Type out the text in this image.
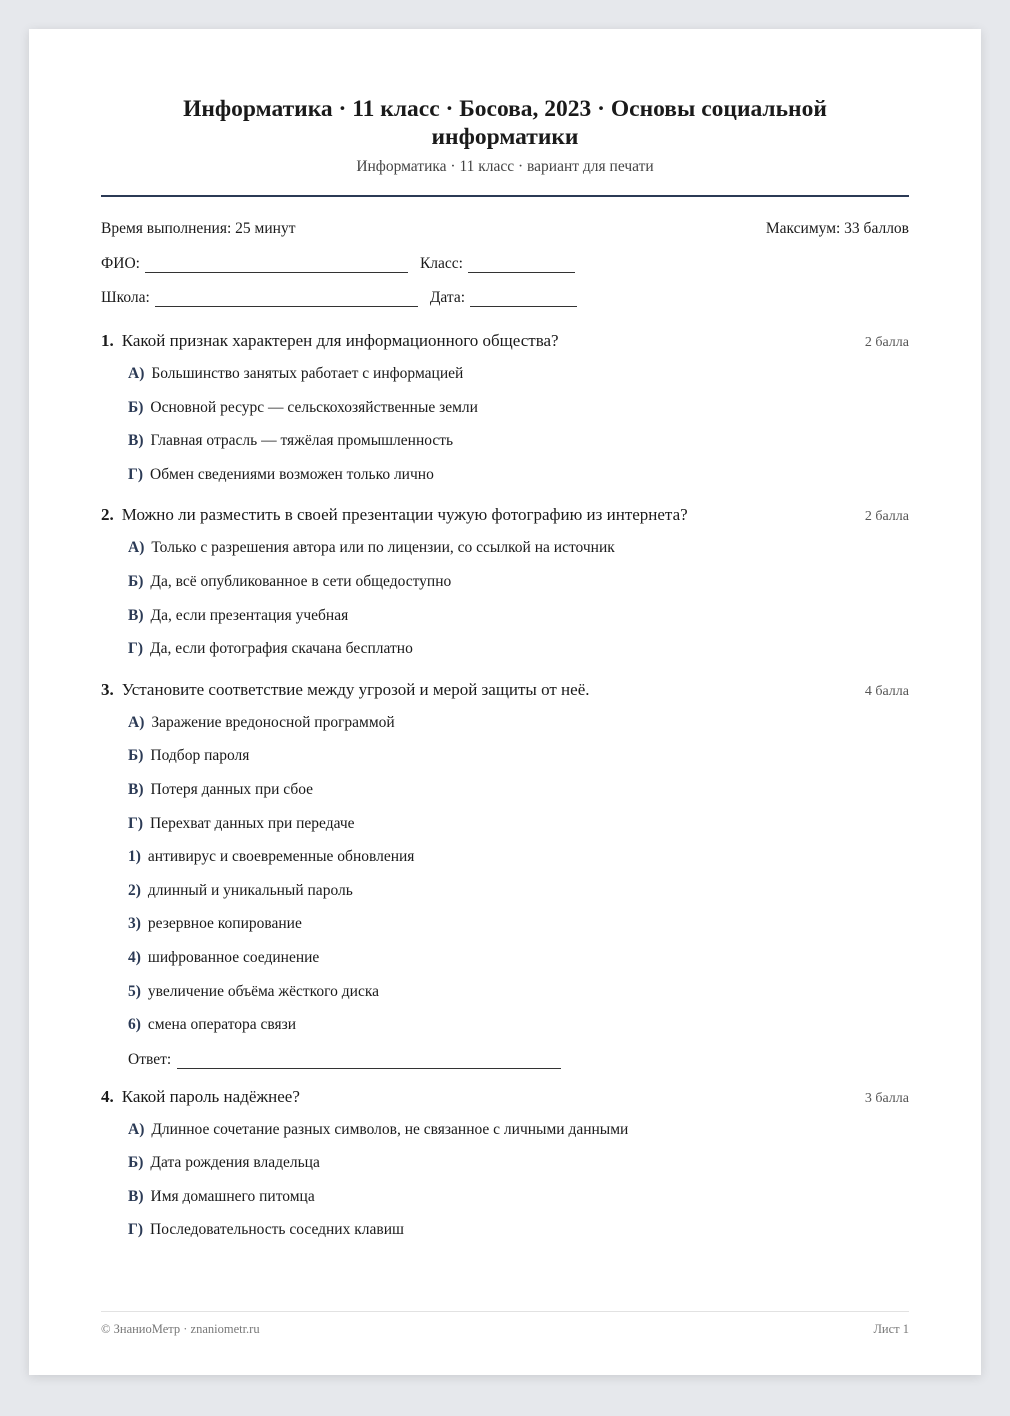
Информатика · 11 класс · Босова, 2023 · Основы социальной информатики
Информатика · 11 класс · вариант для печати
Время выполнения: 25 минут	Максимум: 33 баллов
ФИО:	Класс:
Школа:	Дата:
1. Какой признак характерен для информационного общества?	2 балла
А) Большинство занятых работает с информацией
Б) Основной ресурс — сельскохозяйственные земли
В) Главная отрасль — тяжёлая промышленность
Г) Обмен сведениями возможен только лично
2. Можно ли разместить в своей презентации чужую фотографию из интернета?	2 балла
А) Только с разрешения автора или по лицензии, со ссылкой на источник
Б) Да, всё опубликованное в сети общедоступно
В) Да, если презентация учебная
Г) Да, если фотография скачана бесплатно
3. Установите соответствие между угрозой и мерой защиты от неё.	4 балла
А) Заражение вредоносной программой
Б) Подбор пароля
В) Потеря данных при сбое
Г) Перехват данных при передаче
1) антивирус и своевременные обновления
2) длинный и уникальный пароль
3) резервное копирование
4) шифрованное соединение
5) увеличение объёма жёсткого диска
6) смена оператора связи
Ответ:
4. Какой пароль надёжнее?	3 балла
А) Длинное сочетание разных символов, не связанное с личными данными
Б) Дата рождения владельца
В) Имя домашнего питомца
Г) Последовательность соседних клавиш
© ЗнаниоМетр · znaniometr.ru	Лист 1
